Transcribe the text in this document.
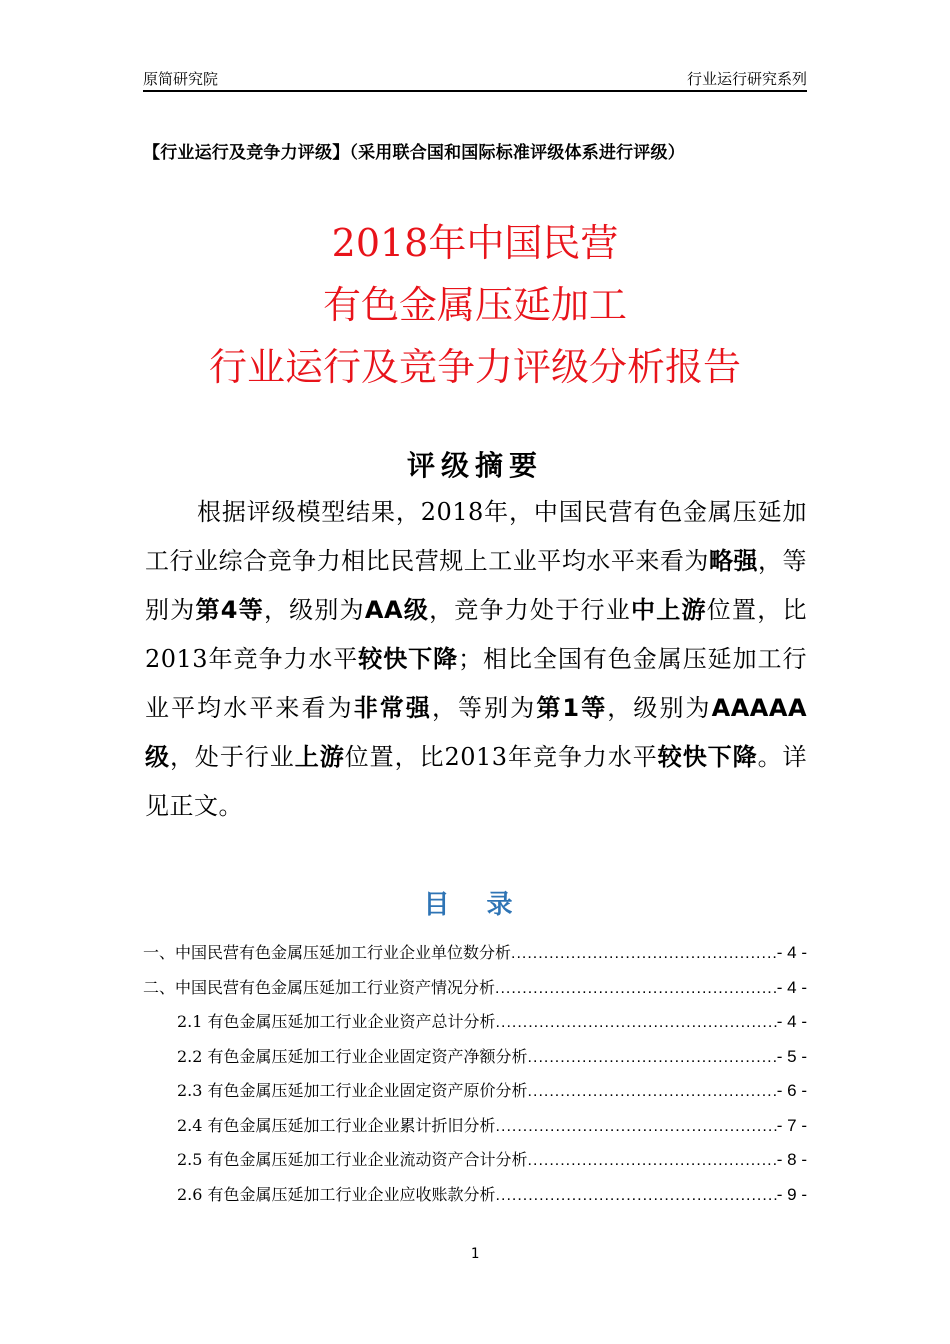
原简研究院	行业运行研究系列
【行业运行及竞争力评级】（采用联合国和国际标准评级体系进行评级）
2018年中国民营
有色金属压延加工
行业运行及竞争力评级分析报告
评级摘要

根据评级模型结果，2018年，中国民营有色金属压延加工行业综合竞争力相比民营规上工业平均水平来看为略强，等别为第4等，级别为AA级，竞争力处于行业中上游位置，比2013年竞争力水平较快下降；相比全国有色金属压延加工行业平均水平来看为非常强，等别为第1等，级别为AAAAA级，处于行业上游位置，比2013年竞争力水平较快下降。详见正文。

目 录
一、中国民营有色金属压延加工行业企业单位数分析 .....	- 4 -
二、中国民营有色金属压延加工行业资产情况分析 .....	- 4 -
2.1 有色金属压延加工行业企业资产总计分析 .....	- 4 -
2.2 有色金属压延加工行业企业固定资产净额分析 .....	- 5 -
2.3 有色金属压延加工行业企业固定资产原价分析 .....	- 6 -
2.4 有色金属压延加工行业企业累计折旧分析 .....	- 7 -
2.5 有色金属压延加工行业企业流动资产合计分析 .....	- 8 -
2.6 有色金属压延加工行业企业应收账款分析 .....	- 9 -
1
